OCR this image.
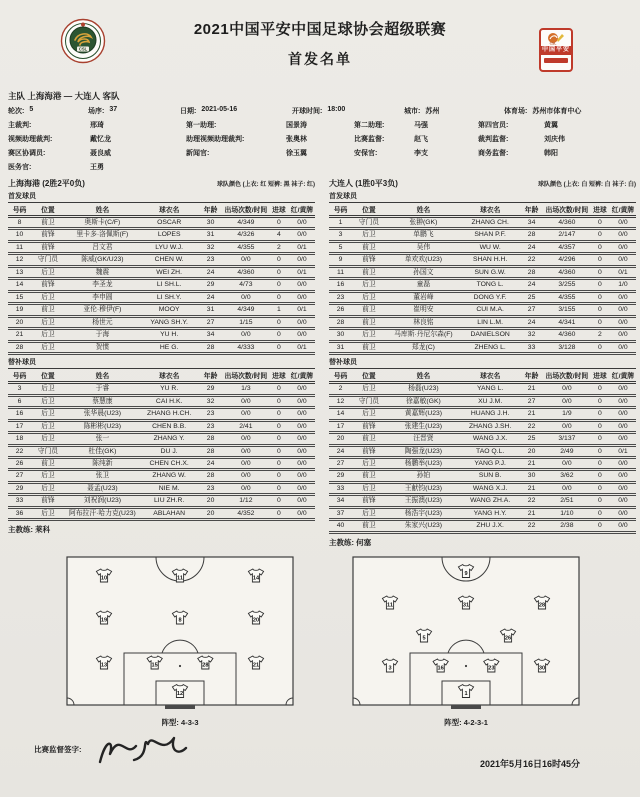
CSL
2021中国平安中国足球协会超级联赛
首发名单
CSL
中国平安
主队 上海海港 — 大连人 客队
轮次: 5	场序: 37	日期: 2021-05-16	开球时间: 18:00	城市: 苏州	体育场: 苏州市体育中心
主裁判:	邢琦	第一助理:	国景涛	第二助理:	马强	第四官员:	黄翼
视频助理裁判:	戴忆龙	助理视频助理裁判:	张奥林	比赛监督:	赵飞	裁判监督:	刘庆伟
赛区协调员:	聂良威	新闻官:	徐玉翼	安保官:	李支	商务监督:	韩阳
医务官:	王勇
上海海港 (2胜2平0负)	球队颜色 (上衣: 红 短裤: 黑 袜子: 红)
首发球员
号码	位置	姓名	球衣名	年龄	出场次数/时间	进球	红/黄牌
8	前卫	奥斯卡(C/F)	OSCAR	30	4/349	0	0/0
10	前锋	里卡多·洛佩斯(F)	LOPES	31	4/326	4	0/0
11	前锋	吕文君	LYU W.J.	32	4/355	2	0/1
12	守门员	陈威(GK/U23)	CHEN W.	23	0/0	0	0/0
13	后卫	魏震	WEI ZH.	24	4/360	0	0/1
14	前锋	李圣龙	LI SH.L.	29	4/73	0	0/0
15	后卫	李申圆	LI SH.Y.	24	0/0	0	0/0
19	前卫	亚伦·穆伊(F)	MOOY	31	4/349	1	0/1
20	后卫	杨世元	YANG SH.Y.	27	1/15	0	0/0
21	后卫	于海	YU H.	34	0/0	0	0/0
28	后卫	贺惯	HE G.	28	4/333	0	0/1
替补球员
号码	位置	姓名	球衣名	年龄	出场次数/时间	进球	红/黄牌
3	后卫	于睿	YU R.	29	1/3	0	0/0
6	后卫	蔡慧康	CAI H.K.	32	0/0	0	0/0
16	后卫	张华晨(U23)	ZHANG H.CH.	23	0/0	0	0/0
17	后卫	陈彬彬(U23)	CHEN B.B.	23	2/41	0	0/0
18	后卫	张一	ZHANG Y.	28	0/0	0	0/0
22	守门员	杜佳(GK)	DU J.	28	0/0	0	0/0
26	前卫	陈纯新	CHEN CH.X.	24	0/0	0	0/0
27	后卫	张卫	ZHANG W.	28	0/0	0	0/0
29	后卫	聂孟(U23)	NIE M.	23	0/0	0	0/0
33	前锋	刘祝润(U23)	LIU ZH.R.	20	1/12	0	0/0
36	后卫	阿布拉汗·哈力克(U23)	ABLAHAN	20	4/352	0	0/0
主教练: 莱科
大连人 (1胜0平3负)	球队颜色 (上衣: 白 短裤: 白 袜子: 白)
首发球员
号码	位置	姓名	球衣名	年龄	出场次数/时间	进球	红/黄牌
1	守门员	张翀(GK)	ZHANG CH.	34	4/360	0	0/0
3	后卫	单鹏飞	SHAN P.F.	28	2/147	0	0/0
5	前卫	吴伟	WU W.	24	4/357	0	0/0
9	前锋	单欢欢(U23)	SHAN H.H.	22	4/296	0	0/0
11	前卫	孙国文	SUN G.W.	28	4/360	0	0/1
16	后卫	童磊	TONG L.	24	3/255	0	1/0
23	后卫	董岩峰	DONG Y.F.	25	4/355	0	0/0
26	前卫	崔明安	CUI M.A.	27	3/155	0	0/0
28	前卫	林良铭	LIN L.M.	24	4/341	0	0/0
30	后卫	马库斯·丹尼尔森(F)	DANIELSON	32	4/360	2	0/0
31	前卫	郑龙(C)	ZHENG L.	33	3/128	0	0/0
替补球员
号码	位置	姓名	球衣名	年龄	出场次数/时间	进球	红/黄牌
2	后卫	杨磊(U23)	YANG L.	21	0/0	0	0/0
12	守门员	徐嘉敏(GK)	XU J.M.	27	0/0	0	0/0
14	后卫	黄嘉辉(U23)	HUANG J.H.	21	1/9	0	0/0
17	前锋	张建生(U23)	ZHANG J.SH.	22	0/0	0	0/0
20	前卫	汪晋贤	WANG J.X.	25	3/137	0	0/0
24	前锋	陶强龙(U23)	TAO Q.L.	20	2/49	0	0/1
27	后卫	杨鹏举(U23)	YANG P.J.	21	0/0	0	0/0
29	前卫	孙铂	SUN B.	30	3/62	0	0/0
33	后卫	王献钧(U23)	WANG X.J.	21	0/0	0	0/0
34	前锋	王振澳(U23)	WANG ZH.A.	22	2/51	0	0/0
37	后卫	杨浩宇(U23)	YANG H.Y.	21	1/10	0	0/0
40	前卫	朱家兴(U23)	ZHU J.X.	22	2/38	0	0/0
主教练: 何塞
10	11	14
19	8	20
13	15	28	21
12
阵型: 4-3-3
9
11	31	28
5	26
3	16	23	30
1
阵型: 4-2-3-1
比赛监督签字:
2021年5月16日16时45分
